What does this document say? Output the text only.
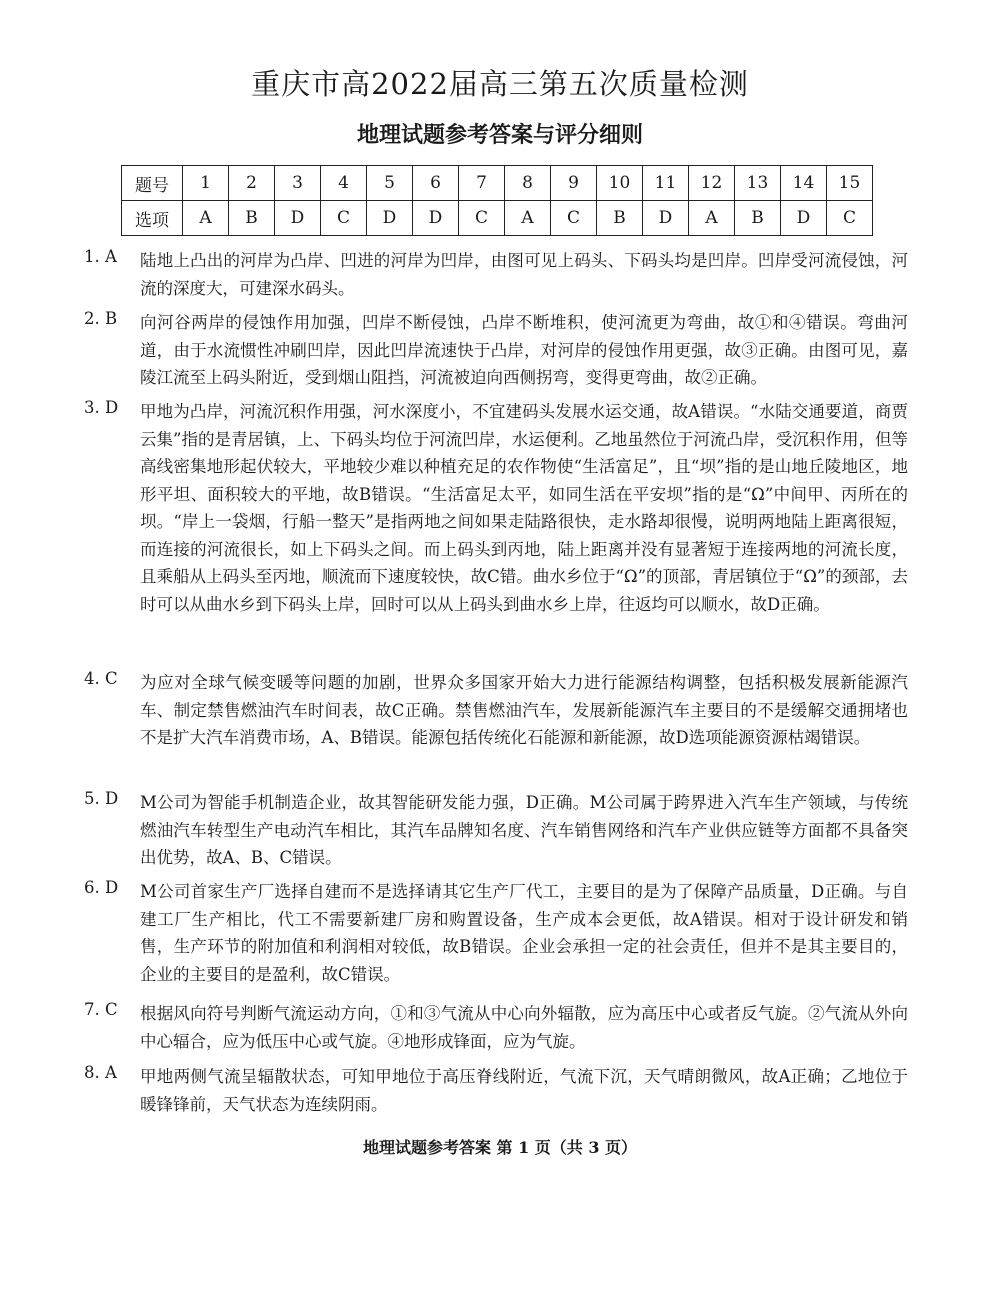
重庆市高2022届高三第五次质量检测
地理试题参考答案与评分细则
题号	1	2	3	4	5	6	7	8	9	10	11	12	13	14	15
选项	A	B	D	C	D	D	C	A	C	B	D	A	B	D	C
1. A 陆地上凸出的河岸为凸岸、凹进的河岸为凹岸，由图可见上码头、下码头均是凹岸。凹岸受河流侵蚀，河流的深度大，可建深水码头。
2. B 向河谷两岸的侵蚀作用加强，凹岸不断侵蚀，凸岸不断堆积，使河流更为弯曲，故①和④错误。弯曲河道，由于水流惯性冲刷凹岸，因此凹岸流速快于凸岸，对河岸的侵蚀作用更强，故③正确。由图可见，嘉陵江流至上码头附近，受到烟山阻挡，河流被迫向西侧拐弯，变得更弯曲，故②正确。
3. D 甲地为凸岸，河流沉积作用强，河水深度小，不宜建码头发展水运交通，故A错误。“水陆交通要道，商贾云集”指的是青居镇，上、下码头均位于河流凹岸，水运便利。乙地虽然位于河流凸岸，受沉积作用，但等高线密集地形起伏较大，平地较少难以种植充足的农作物使“生活富足”，且“坝”指的是山地丘陵地区，地形平坦、面积较大的平地，故B错误。“生活富足太平，如同生活在平安坝”指的是“Ω”中间甲、丙所在的坝。“岸上一袋烟，行船一整天”是指两地之间如果走陆路很快，走水路却很慢，说明两地陆上距离很短，而连接的河流很长，如上下码头之间。而上码头到丙地，陆上距离并没有显著短于连接两地的河流长度，且乘船从上码头至丙地，顺流而下速度较快，故C错。曲水乡位于“Ω”的顶部，青居镇位于“Ω”的颈部，去时可以从曲水乡到下码头上岸，回时可以从上码头到曲水乡上岸，往返均可以顺水，故D正确。
4. C 为应对全球气候变暖等问题的加剧，世界众多国家开始大力进行能源结构调整，包括积极发展新能源汽车、制定禁售燃油汽车时间表，故C正确。禁售燃油汽车，发展新能源汽车主要目的不是缓解交通拥堵也不是扩大汽车消费市场，A、B错误。能源包括传统化石能源和新能源，故D选项能源资源枯竭错误。
5. D M公司为智能手机制造企业，故其智能研发能力强，D正确。M公司属于跨界进入汽车生产领域，与传统燃油汽车转型生产电动汽车相比，其汽车品牌知名度、汽车销售网络和汽车产业供应链等方面都不具备突出优势，故A、B、C错误。
6. D M公司首家生产厂选择自建而不是选择请其它生产厂代工，主要目的是为了保障产品质量，D正确。与自建工厂生产相比，代工不需要新建厂房和购置设备，生产成本会更低，故A错误。相对于设计研发和销售，生产环节的附加值和利润相对较低，故B错误。企业会承担一定的社会责任，但并不是其主要目的，企业的主要目的是盈利，故C错误。
7. C 根据风向符号判断气流运动方向，①和③气流从中心向外辐散，应为高压中心或者反气旋。②气流从外向中心辐合，应为低压中心或气旋。④地形成锋面，应为气旋。
8. A 甲地两侧气流呈辐散状态，可知甲地位于高压脊线附近，气流下沉，天气晴朗微风，故A正确；乙地位于暖锋锋前，天气状态为连续阴雨。
地理试题参考答案 第 1 页（共 3 页）
